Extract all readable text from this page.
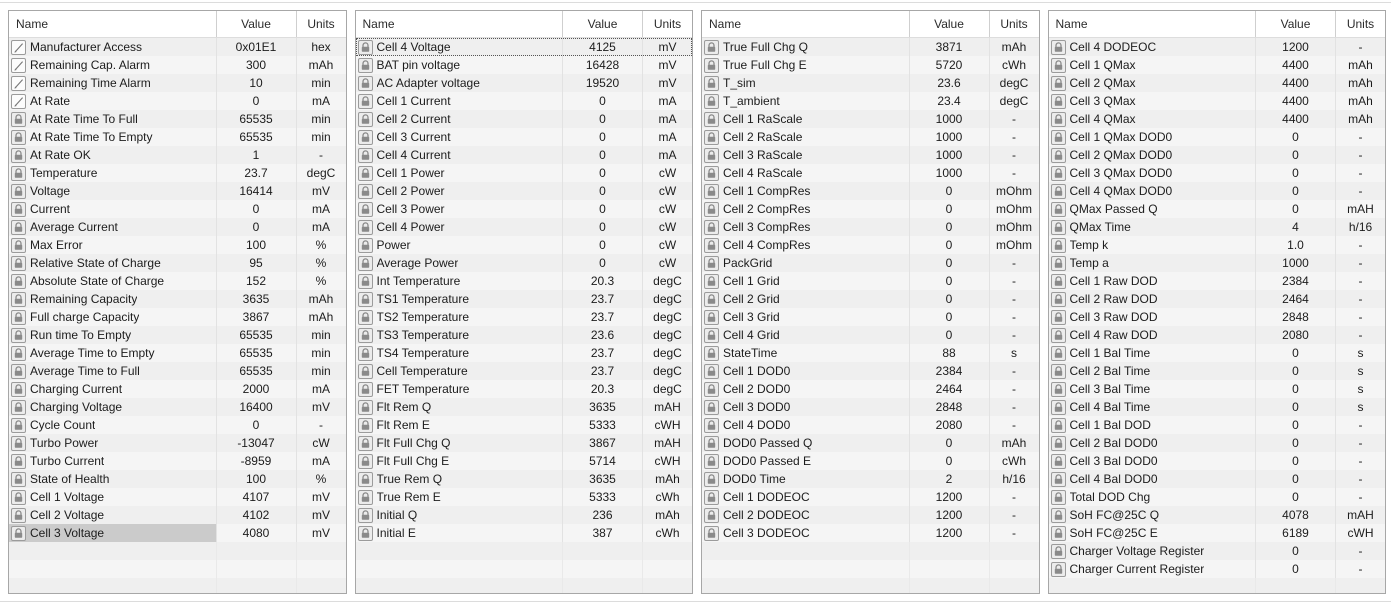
Name	Value	Units
Manufacturer Access	0x01E1	hex
Remaining Cap. Alarm	300	mAh
Remaining Time Alarm	10	min
At Rate	0	mA
At Rate Time To Full	65535	min
At Rate Time To Empty	65535	min
At Rate OK	1	-
Temperature	23.7	degC
Voltage	16414	mV
Current	0	mA
Average Current	0	mA
Max Error	100	%
Relative State of Charge	95	%
Absolute State of Charge	152	%
Remaining Capacity	3635	mAh
Full charge Capacity	3867	mAh
Run time To Empty	65535	min
Average Time to Empty	65535	min
Average Time to Full	65535	min
Charging Current	2000	mA
Charging Voltage	16400	mV
Cycle Count	0	-
Turbo Power	-13047	cW
Turbo Current	-8959	mA
State of Health	100	%
Cell 1 Voltage	4107	mV
Cell 2 Voltage	4102	mV
Cell 3 Voltage	4080	mV
Name	Value	Units
Cell 4 Voltage	4125	mV
BAT pin voltage	16428	mV
AC Adapter voltage	19520	mV
Cell 1 Current	0	mA
Cell 2 Current	0	mA
Cell 3 Current	0	mA
Cell 4 Current	0	mA
Cell 1 Power	0	cW
Cell 2 Power	0	cW
Cell 3 Power	0	cW
Cell 4 Power	0	cW
Power	0	cW
Average Power	0	cW
Int Temperature	20.3	degC
TS1 Temperature	23.7	degC
TS2 Temperature	23.7	degC
TS3 Temperature	23.6	degC
TS4 Temperature	23.7	degC
Cell Temperature	23.7	degC
FET Temperature	20.3	degC
Flt Rem Q	3635	mAH
Flt Rem E	5333	cWH
Flt Full Chg Q	3867	mAH
Flt Full Chg E	5714	cWH
True Rem Q	3635	mAh
True Rem E	5333	cWh
Initial Q	236	mAh
Initial E	387	cWh
Name	Value	Units
True Full Chg Q	3871	mAh
True Full Chg E	5720	cWh
T_sim	23.6	degC
T_ambient	23.4	degC
Cell 1 RaScale	1000	-
Cell 2 RaScale	1000	-
Cell 3 RaScale	1000	-
Cell 4 RaScale	1000	-
Cell 1 CompRes	0	mOhm
Cell 2 CompRes	0	mOhm
Cell 3 CompRes	0	mOhm
Cell 4 CompRes	0	mOhm
PackGrid	0	-
Cell 1 Grid	0	-
Cell 2 Grid	0	-
Cell 3 Grid	0	-
Cell 4 Grid	0	-
StateTime	88	s
Cell 1 DOD0	2384	-
Cell 2 DOD0	2464	-
Cell 3 DOD0	2848	-
Cell 4 DOD0	2080	-
DOD0 Passed Q	0	mAh
DOD0 Passed E	0	cWh
DOD0 Time	2	h/16
Cell 1 DODEOC	1200	-
Cell 2 DODEOC	1200	-
Cell 3 DODEOC	1200	-
Name	Value	Units
Cell 4 DODEOC	1200	-
Cell 1 QMax	4400	mAh
Cell 2 QMax	4400	mAh
Cell 3 QMax	4400	mAh
Cell 4 QMax	4400	mAh
Cell 1 QMax DOD0	0	-
Cell 2 QMax DOD0	0	-
Cell 3 QMax DOD0	0	-
Cell 4 QMax DOD0	0	-
QMax Passed Q	0	mAH
QMax Time	4	h/16
Temp k	1.0	-
Temp a	1000	-
Cell 1 Raw DOD	2384	-
Cell 2 Raw DOD	2464	-
Cell 3 Raw DOD	2848	-
Cell 4 Raw DOD	2080	-
Cell 1 Bal Time	0	s
Cell 2 Bal Time	0	s
Cell 3 Bal Time	0	s
Cell 4 Bal Time	0	s
Cell 1 Bal DOD	0	-
Cell 2 Bal DOD0	0	-
Cell 3 Bal DOD0	0	-
Cell 4 Bal DOD0	0	-
Total DOD Chg	0	-
SoH FC@25C Q	4078	mAH
SoH FC@25C E	6189	cWH
Charger Voltage Register	0	-
Charger Current Register	0	-
